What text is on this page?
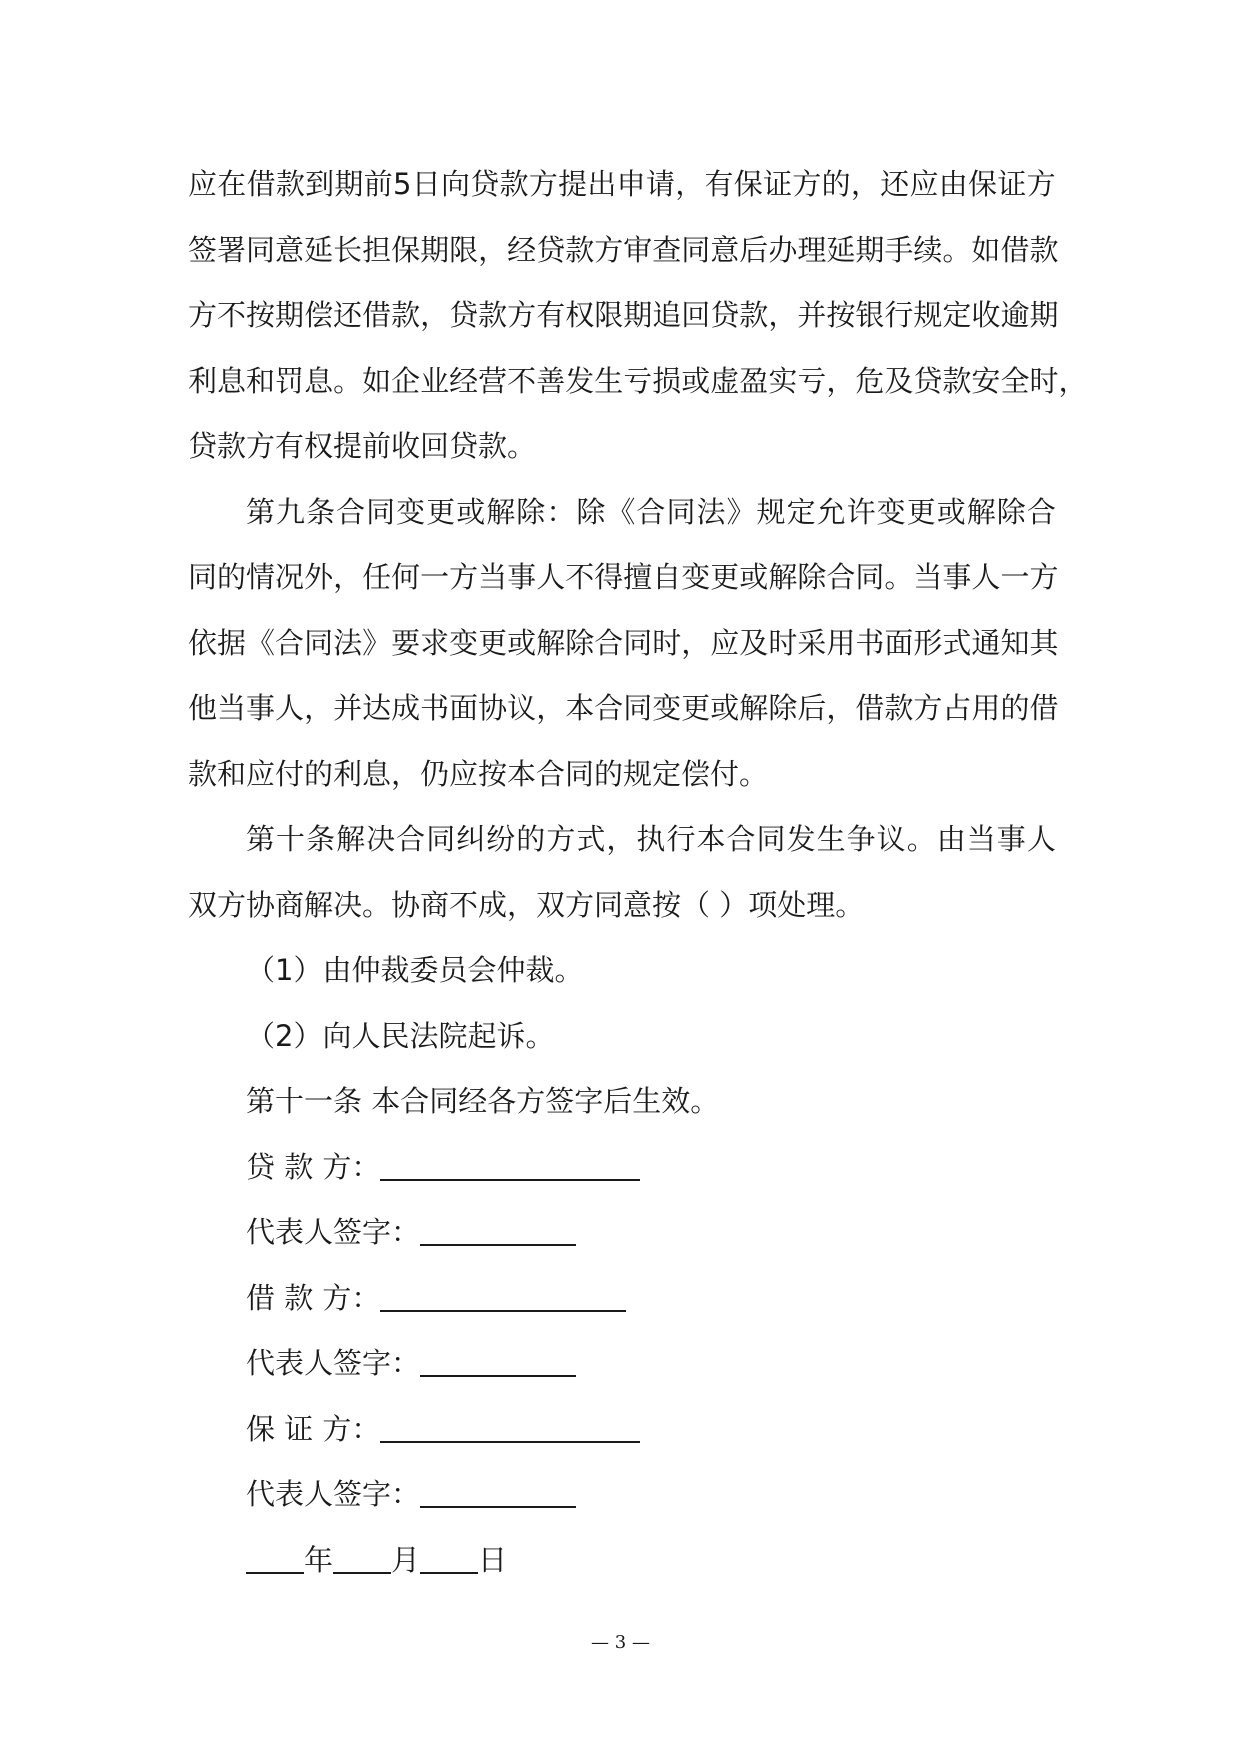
应 在 借 款 到 期 前 5 日 向 贷 款 方 提 出 申 请 ， 有 保 证 方 的 ， 还 应 由 保 证 方
签 署 同 意 延 长 担 保 期 限 ， 经 贷 款 方 审 查 同 意 后 办 理 延 期 手 续 。 如 借 款
方 不 按 期 偿 还 借 款 ， 贷 款 方 有 权 限 期 追 回 贷 款 ， 并 按 银 行 规 定 收 逾 期
利 息 和 罚 息 。 如 企 业 经 营 不 善 发 生 亏 损 或 虚 盈 实 亏 ， 危 及 贷 款 安 全 时 ，
贷款方有权提前收回贷款。
第 九 条 合 同 变 更 或 解 除 ： 除 《 合 同 法 》 规 定 允 许 变 更 或 解 除 合
同 的 情 况 外 ， 任 何 一 方 当 事 人 不 得 擅 自 变 更 或 解 除 合 同 。 当 事 人 一 方
依 据 《 合 同 法 》 要 求 变 更 或 解 除 合 同 时 ， 应 及 时 采 用 书 面 形 式 通 知 其
他 当 事 人 ， 并 达 成 书 面 协 议 ， 本 合 同 变 更 或 解 除 后 ， 借 款 方 占 用 的 借
款和应付的利息，仍应按本合同的规定偿付。
第 十 条 解 决 合 同 纠 纷 的 方 式 ， 执 行 本 合 同 发 生 争 议 。 由 当 事 人
双方协商解决。协商不成，双方同意按（ ）项处理。
（1）由仲裁委员会仲裁。
（2）向人民法院起诉。
第十一条 本合同经各方签字后生效。
贷 款 方：
代表人签字：
借 款 方：
代表人签字：
保 证 方：
代表人签字：
年 月 日
— 3 —
